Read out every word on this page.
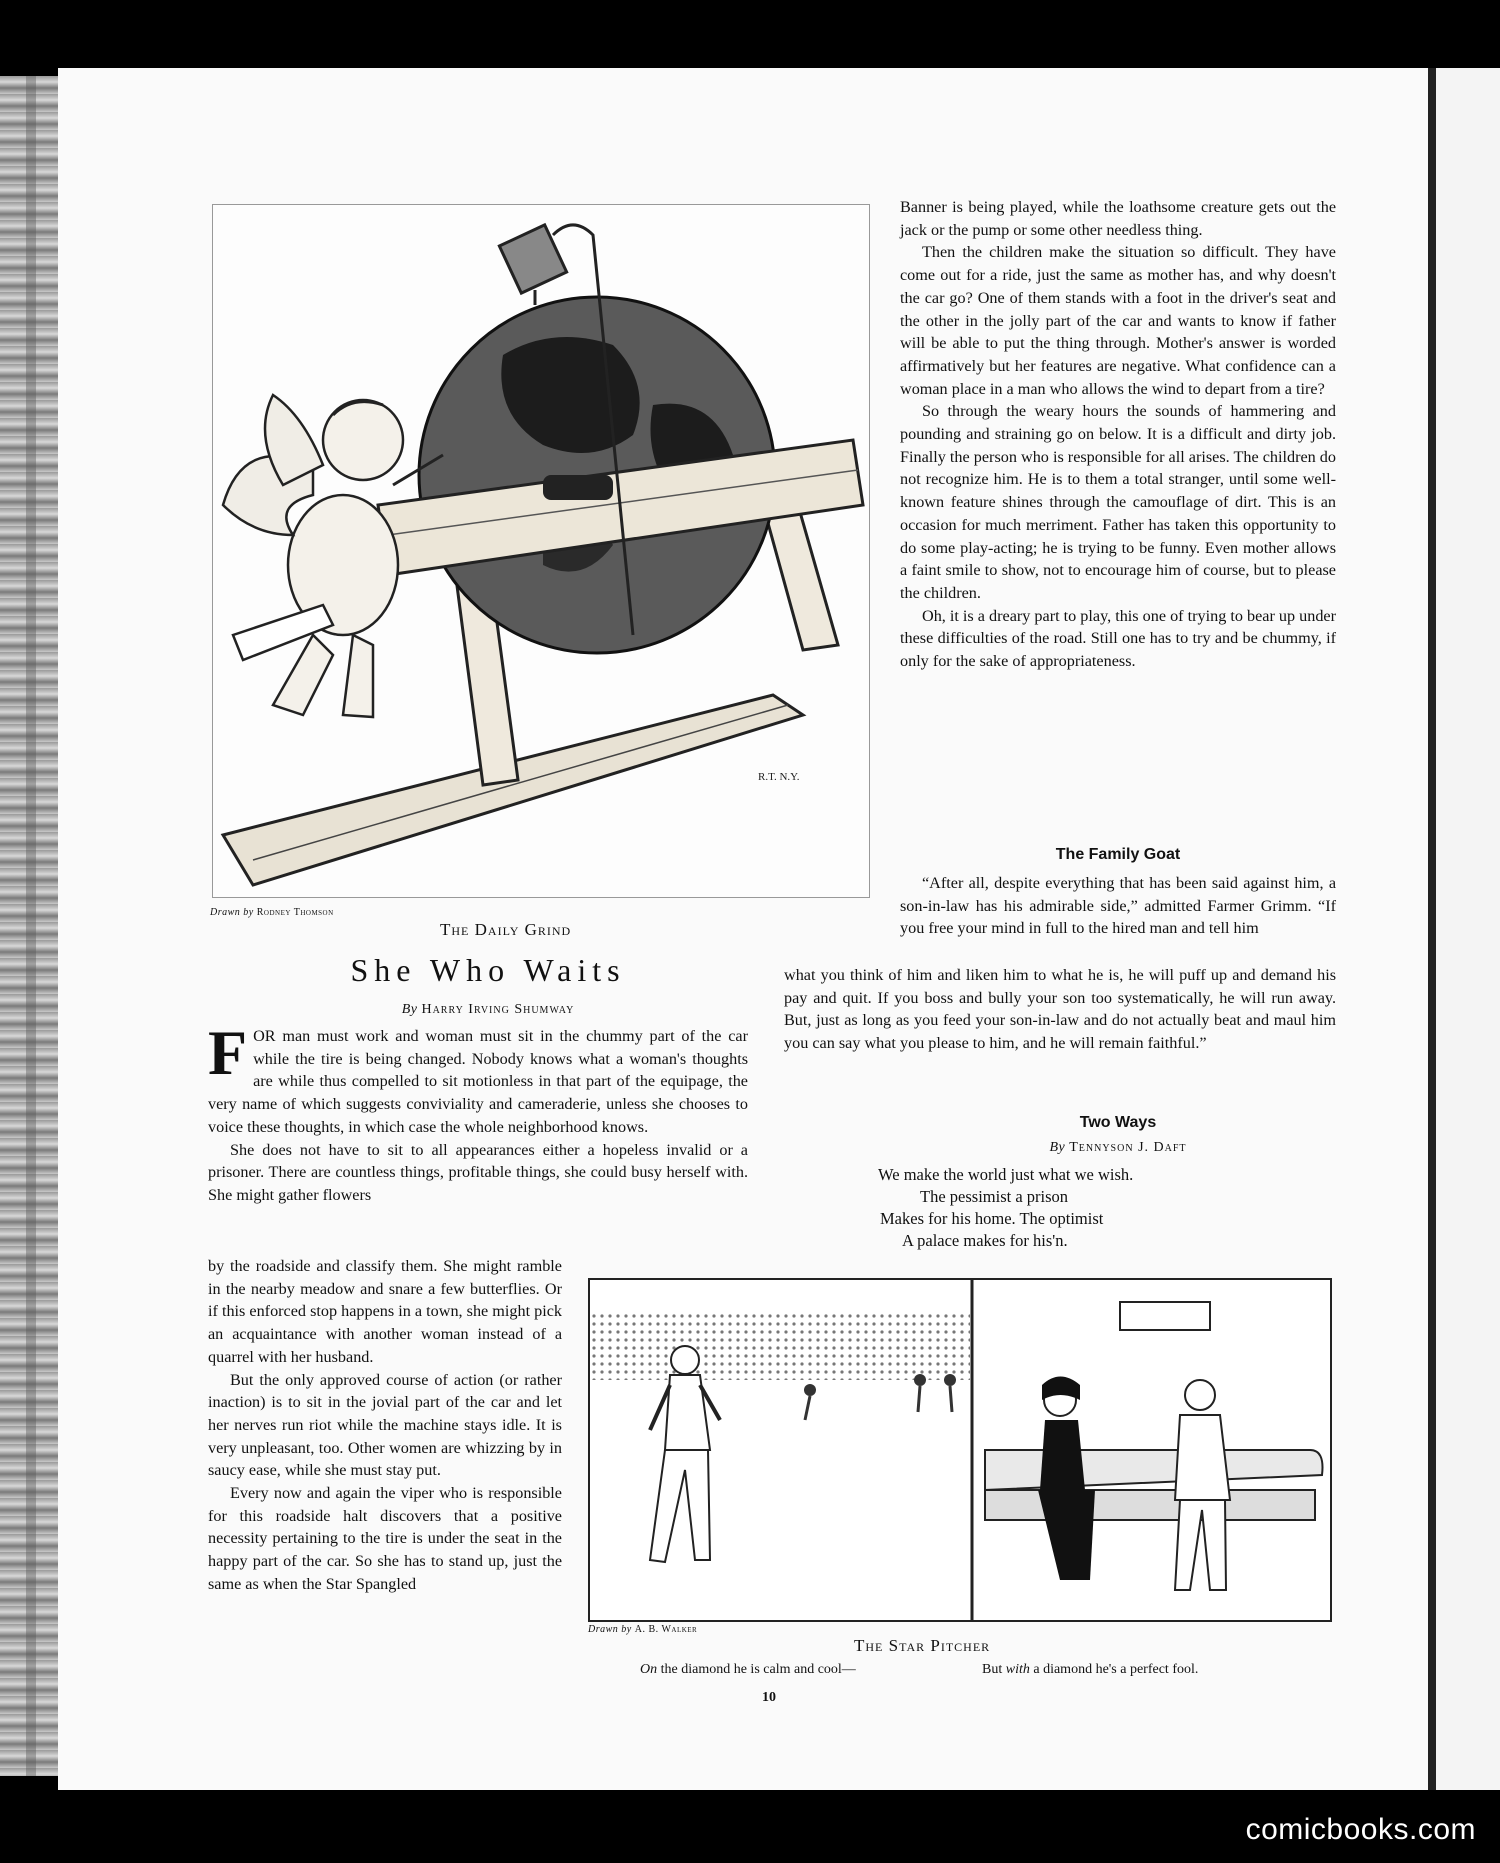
R.T. N.Y.
Drawn by Rodney Thomson
The Daily Grind
She Who Waits
By Harry Irving Shumway

FOR man must work and woman must sit in the chummy part of the car while the tire is being changed. Nobody knows what a woman's thoughts are while thus compelled to sit motionless in that part of the equipage, the very name of which suggests conviviality and cameraderie, unless she chooses to voice these thoughts, in which case the whole neighborhood knows.

She does not have to sit to all appearances either a hopeless invalid or a prisoner. There are countless things, profitable things, she could busy herself with. She might gather flowers

by the roadside and classify them. She might ramble in the nearby meadow and snare a few butterflies. Or if this enforced stop happens in a town, she might pick an acquaintance with another woman instead of a quarrel with her husband.

But the only approved course of action (or rather inaction) is to sit in the jovial part of the car and let her nerves run riot while the machine stays idle. It is very unpleasant, too. Other women are whizzing by in saucy ease, while she must stay put.

Every now and again the viper who is responsible for this roadside halt discovers that a positive necessity pertaining to the tire is under the seat in the happy part of the car. So she has to stand up, just the same as when the Star Spangled

Banner is being played, while the loathsome creature gets out the jack or the pump or some other needless thing.

Then the children make the situation so difficult. They have come out for a ride, just the same as mother has, and why doesn't the car go? One of them stands with a foot in the driver's seat and the other in the jolly part of the car and wants to know if father will be able to put the thing through. Mother's answer is worded affirmatively but her features are negative. What confidence can a woman place in a man who allows the wind to depart from a tire?

So through the weary hours the sounds of hammering and pounding and straining go on below. It is a difficult and dirty job. Finally the person who is responsible for all arises. The children do not recognize him. He is to them a total stranger, until some well-known feature shines through the camouflage of dirt. This is an occasion for much merriment. Father has taken this opportunity to do some play-acting; he is trying to be funny. Even mother allows a faint smile to show, not to encourage him of course, but to please the children.

Oh, it is a dreary part to play, this one of trying to bear up under these difficulties of the road. Still one has to try and be chummy, if only for the sake of appropriateness.

The Family Goat

“After all, despite everything that has been said against him, a son-in-law has his admirable side,” admitted Farmer Grimm. “If you free your mind in full to the hired man and tell him

what you think of him and liken him to what he is, he will puff up and demand his pay and quit. If you boss and bully your son too systematically, he will run away. But, just as long as you feed your son-in-law and do not actually beat and maul him you can say what you please to him, and he will remain faithful.”

Two Ways
By Tennyson J. Daft
We make the world just what we wish.
The pessimist a prison
Makes for his home. The optimist
A palace makes for his'n.
Drawn by A. B. Walker
The Star Pitcher
On the diamond he is calm and cool—	But with a diamond he's a perfect fool.
10
comicbooks.com
